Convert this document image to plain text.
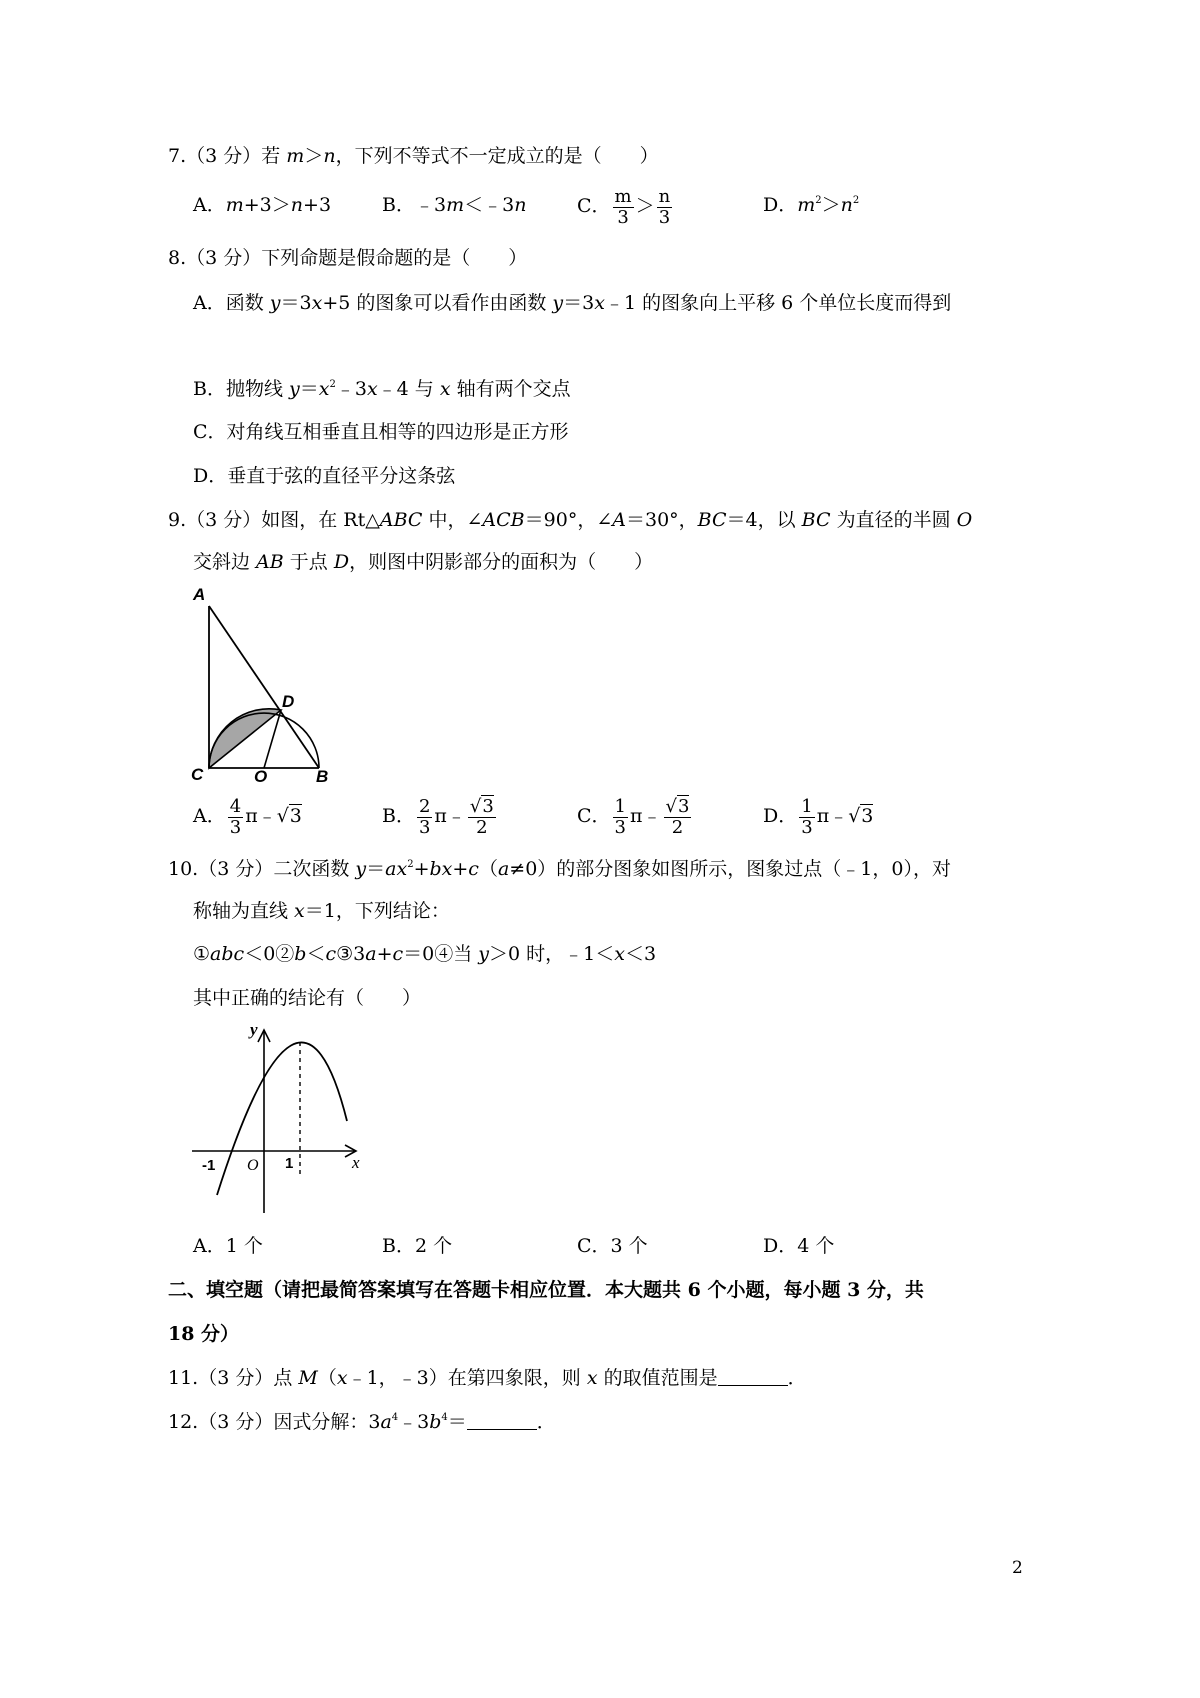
7.（3 分）若 m＞n，下列不等式不一定成立的是（　　）
A．m+3＞n+3	B．﹣3m＜﹣3n	C． $\frac{m}{3} > \frac{n}{3}$	D．$m^2>n^2$
8.（3 分）下列命题是假命题的是（　　）
A．函数 y＝3x+5 的图象可以看作由函数 y＝3x﹣1 的图象向上平移 6 个单位长度而得到
B．抛物线 $y=x^2﹣3x﹣4$ 与 x 轴有两个交点
C．对角线互相垂直且相等的四边形是正方形
D．垂直于弦的直径平分这条弦
9.（3 分）如图，在 Rt△ABC 中，∠ACB＝90°，∠A＝30°，BC＝4，以 BC 为直径的半圆 O
交斜边 AB 于点 D，则图中阴影部分的面积为（　　）
A
C	O	B
D
A． $\frac{4}{3}$ π﹣√3	B． $\frac{2}{3}$ π﹣ $\frac{√3}{2}$	C． $\frac{1}{3}$ π﹣ $\frac{√3}{2}$	D． $\frac{1}{3}$ π﹣√3
10.（3 分）二次函数 $y=ax^2+bx+c(a\ne 0)$的部分图象如图所示，图象过点（﹣1，0），对
称轴为直线 x＝1，下列结论：
①abc＜0②b＜c③3a+c＝0④当 y＞0 时，﹣1＜x＜3
其中正确的结论有（　　）
y
x
-1 O 1
A．1 个	B．2 个	C．3 个	D．4 个
二、填空题（请把最简答案填写在答题卡相应位置．本大题共 6 个小题，每小题 3 分，共
18 分）
11.（3 分）点 M（x﹣1，﹣3）在第四象限，则 x 的取值范围是	．
12.（3 分）因式分解：$3a^4﹣3b^4=$	．
2
